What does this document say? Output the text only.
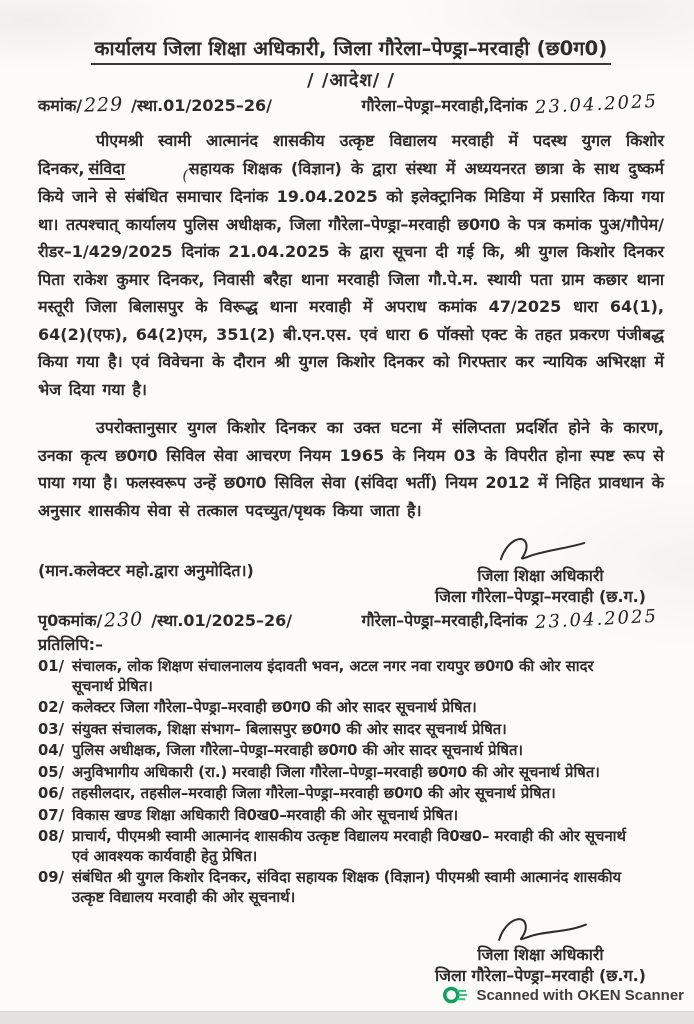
कार्यालय जिला शिक्षा अधिकारी, जिला गौरेला–पेण्ड्रा–मरवाही (छ0ग0)
/ /आदेश/ /
कमांक/229 /स्था.01/2025–26/	गौरेला–पेण्ड्रा–मरवाही,दिनांक 23.04.2025

पीएमश्री स्वामी आत्मानंद शासकीय उत्कृष्ट विद्यालय मरवाही में पदस्थ युगल किशोर दिनकर, संविदा	(सहायक शिक्षक (विज्ञान) के द्वारा संस्था में अध्ययनरत छात्रा के साथ दुष्कर्म किये जाने से संबंधित समाचार दिनांक 19.04.2025 को इलेक्ट्रानिक मिडिया में प्रसारित किया गया था। तत्पश्चात् कार्यालय पुलिस अधीक्षक, जिला गौरेला–पेण्ड्रा–मरवाही छ0ग0 के पत्र कमांक पुअ/गौपेम/रीडर–1/429/2025 दिनांक 21.04.2025 के द्वारा सूचना दी गई कि, श्री युगल किशोर दिनकर पिता राकेश कुमार दिनकर, निवासी बरैहा थाना मरवाही जिला गौ.पे.म. स्थायी पता ग्राम कछार थाना मस्तूरी जिला बिलासपुर के विरूद्ध थाना मरवाही में अपराध कमांक 47/2025 धारा 64(1), 64(2)(एफ), 64(2)एम, 351(2) बी.एन.एस. एवं धारा 6 पॉक्सो एक्ट के तहत प्रकरण पंजीबद्ध किया गया है। एवं विवेचना के दौरान श्री युगल किशोर दिनकर को गिरफ्तार कर न्यायिक अभिरक्षा में भेज दिया गया है।

उपरोक्तानुसार युगल किशोर दिनकर का उक्त घटना में संलिप्तता प्रदर्शित होने के कारण, उनका कृत्य छ0ग0 सिविल सेवा आचरण नियम 1965 के नियम 03 के विपरीत होना स्पष्ट रूप से पाया गया है। फलस्वरूप उन्हें छ0ग0 सिविल सेवा (संविदा भर्ती) नियम 2012 में निहित प्रावधान के अनुसार शासकीय सेवा से तत्काल पदच्युत/पृथक किया जाता है।

(मान.कलेक्टर महो.द्वारा अनुमोदित।)	जिला शिक्षा अधिकारी
जिला गौरेला–पेण्ड्रा–मरवाही (छ.ग.)
पृ0कमांक/230 /स्था.01/2025–26/	गौरेला–पेण्ड्रा–मरवाही,दिनांक 23.04.2025
प्रतिलिपि:–
01/ संचालक, लोक शिक्षण संचालनालय इंदावती भवन, अटल नगर नवा रायपुर छ0ग0 की ओर सादर सूचनार्थ प्रेषित।
02/ कलेक्टर जिला गौरेला–पेण्ड्रा–मरवाही छ0ग0 की ओर सादर सूचनार्थ प्रेषित।
03/ संयुक्त संचालक, शिक्षा संभाग– बिलासपुर छ0ग0 की ओर सादर सूचनार्थ प्रेषित।
04/ पुलिस अधीक्षक, जिला गौरेला–पेण्ड्रा–मरवाही छ0ग0 की ओर सादर सूचनार्थ प्रेषित।
05/ अनुविभागीय अधिकारी (रा.) मरवाही जिला गौरेला–पेण्ड्रा–मरवाही छ0ग0 की ओर सूचनार्थ प्रेषित।
06/ तहसीलदार, तहसील–मरवाही जिला गौरेला–पेण्ड्रा–मरवाही छ0ग0 की ओर सूचनार्थ प्रेषित।
07/ विकास खण्ड शिक्षा अधिकारी वि0ख0–मरवाही की ओर सूचनार्थ प्रेषित।
08/ प्राचार्य, पीएमश्री स्वामी आत्मानंद शासकीय उत्कृष्ट विद्यालय मरवाही वि0ख0– मरवाही की ओर सूचनार्थ एवं आवश्यक कार्यवाही हेतु प्रेषित।
09/ संबंधित श्री युगल किशोर दिनकर, संविदा सहायक शिक्षक (विज्ञान) पीएमश्री स्वामी आत्मानंद शासकीय उत्कृष्ट विद्यालय मरवाही की ओर सूचनार्थ।
जिला शिक्षा अधिकारी
जिला गौरेला–पेण्ड्रा–मरवाही (छ.ग.)
Scanned with OKEN Scanner
